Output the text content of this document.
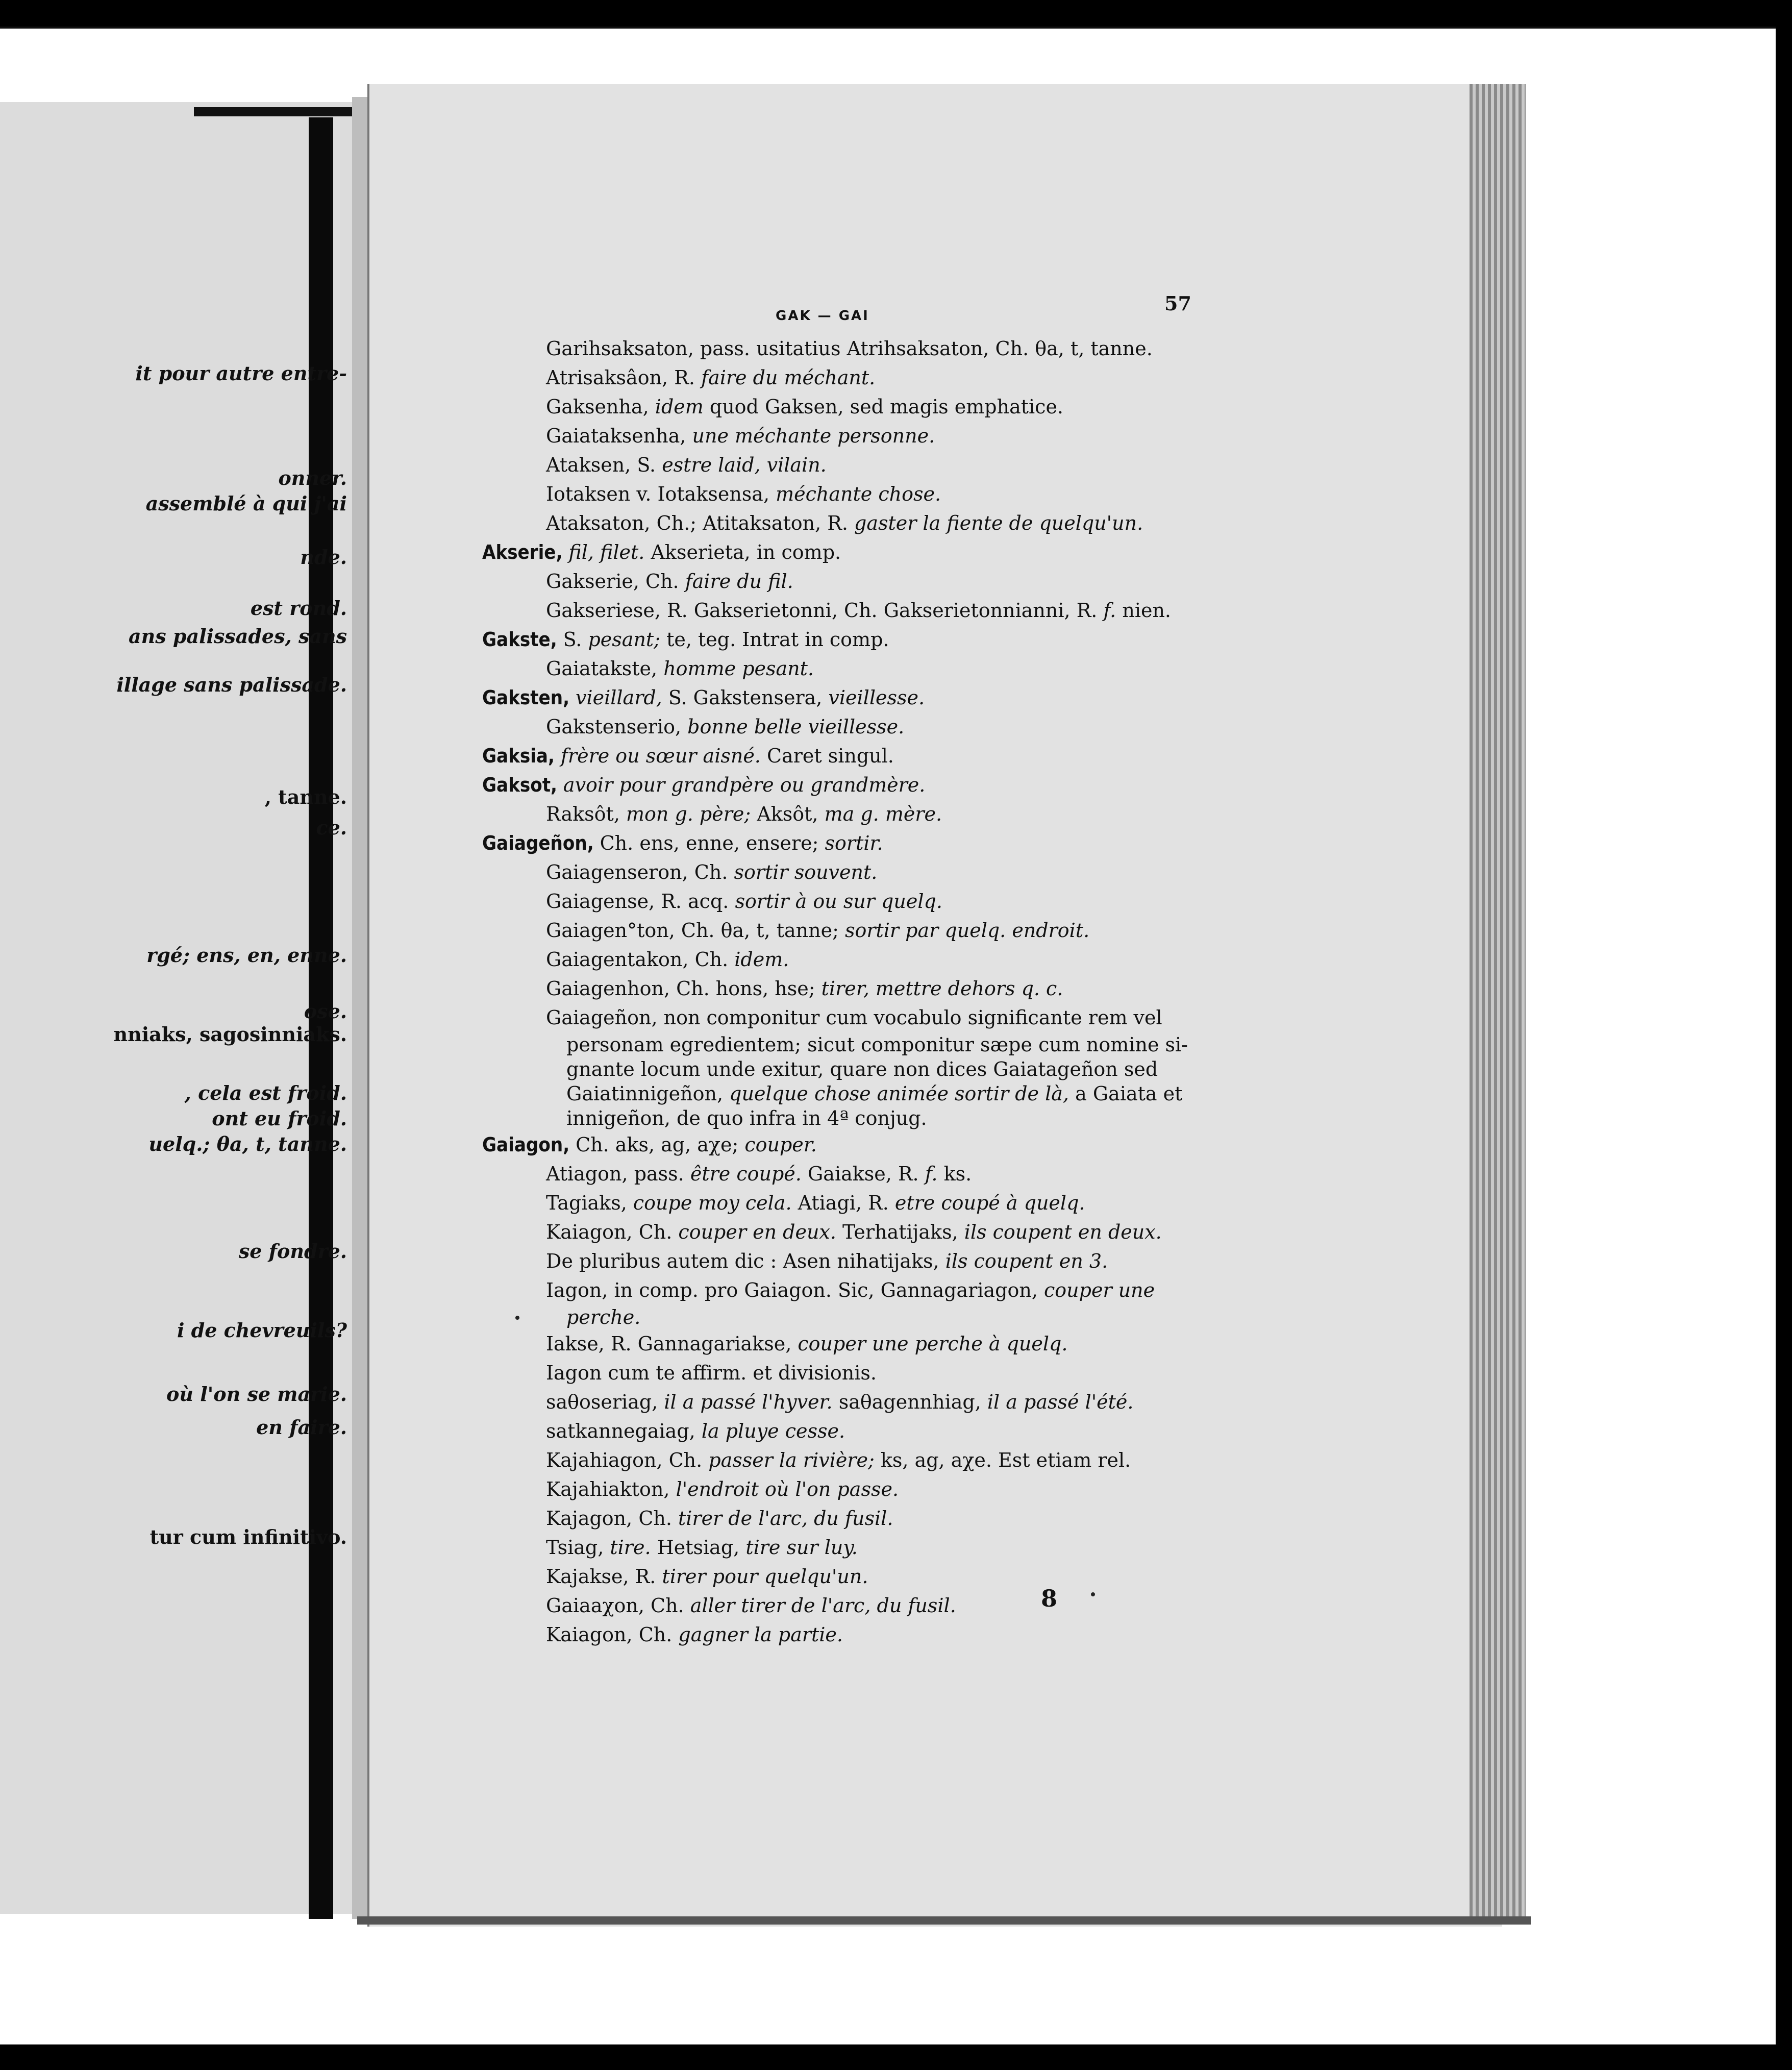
it pour autre entre-
onner.
assemblé à qui j'ai
nde.
est rond.
ans palissades, sans
illage sans palissade.
, tanne.
ce.
rgé; ens, en, enne.
ose.
nniaks, sagosinniaks.
, cela est froid.
ont eu froid.
uelq.; θa, t, tanne.
se fondre.
i de chevreuils?
où l'on se marie.
en faire.
tur cum infinitivo.
GAK — GAI
57
Garihsaksaton, pass. usitatius Atrihsaksaton, Ch. θa, t, tanne.
Atrisaksâon, R. faire du méchant.
Gaksenha, idem quod Gaksen, sed magis emphatice.
Gaiataksenha, une méchante personne.
Ataksen, S. estre laid, vilain.
Iotaksen v. Iotaksensa, méchante chose.
Ataksaton, Ch.; Atitaksaton, R. gaster la fiente de quelqu'un.
Akserie, fil, filet. Akserieta, in comp.
Gakserie, Ch. faire du fil.
Gakseriese, R. Gakserietonni, Ch. Gakserietonnianni, R. f. nien.
Gakste, S. pesant; te, teg. Intrat in comp.
Gaiatakste, homme pesant.
Gaksten, vieillard, S. Gakstensera, vieillesse.
Gakstenserio, bonne belle vieillesse.
Gaksia, frère ou sœur aisné. Caret singul.
Gaksot, avoir pour grandpère ou grandmère.
Raksôt, mon g. père; Aksôt, ma g. mère.
Gaiageñon, Ch. ens, enne, ensere; sortir.
Gaiagenseron, Ch. sortir souvent.
Gaiagense, R. acq. sortir à ou sur quelq.
Gaiagen°ton, Ch. θa, t, tanne; sortir par quelq. endroit.
Gaiagentakon, Ch. idem.
Gaiagenhon, Ch. hons, hse; tirer, mettre dehors q. c.
Gaiageñon, non componitur cum vocabulo significante rem vel
personam egredientem; sicut componitur sæpe cum nomine si-
gnante locum unde exitur, quare non dices Gaiatageñon sed
Gaiatinnigeñon, quelque chose animée sortir de là, a Gaiata et
innigeñon, de quo infra in 4ª conjug.
Gaiagon, Ch. aks, ag, aχe; couper.
Atiagon, pass. être coupé. Gaiakse, R. f. ks.
Tagiaks, coupe moy cela. Atiagi, R. etre coupé à quelq.
Kaiagon, Ch. couper en deux. Terhatijaks, ils coupent en deux.
De pluribus autem dic : Asen nihatijaks, ils coupent en 3.
Iagon, in comp. pro Gaiagon. Sic, Gannagariagon, couper une
perche.
Iakse, R. Gannagariakse, couper une perche à quelq.
Iagon cum te affirm. et divisionis.
saθoseriag, il a passé l'hyver. saθagennhiag, il a passé l'été.
satkannegaiag, la pluye cesse.
Kajahiagon, Ch. passer la rivière; ks, ag, aχe. Est etiam rel.
Kajahiakton, l'endroit où l'on passe.
Kajagon, Ch. tirer de l'arc, du fusil.
Tsiag, tire. Hetsiag, tire sur luy.
Kajakse, R. tirer pour quelqu'un.
Gaiaaχon, Ch. aller tirer de l'arc, du fusil.
Kaiagon, Ch. gagner la partie.
8
